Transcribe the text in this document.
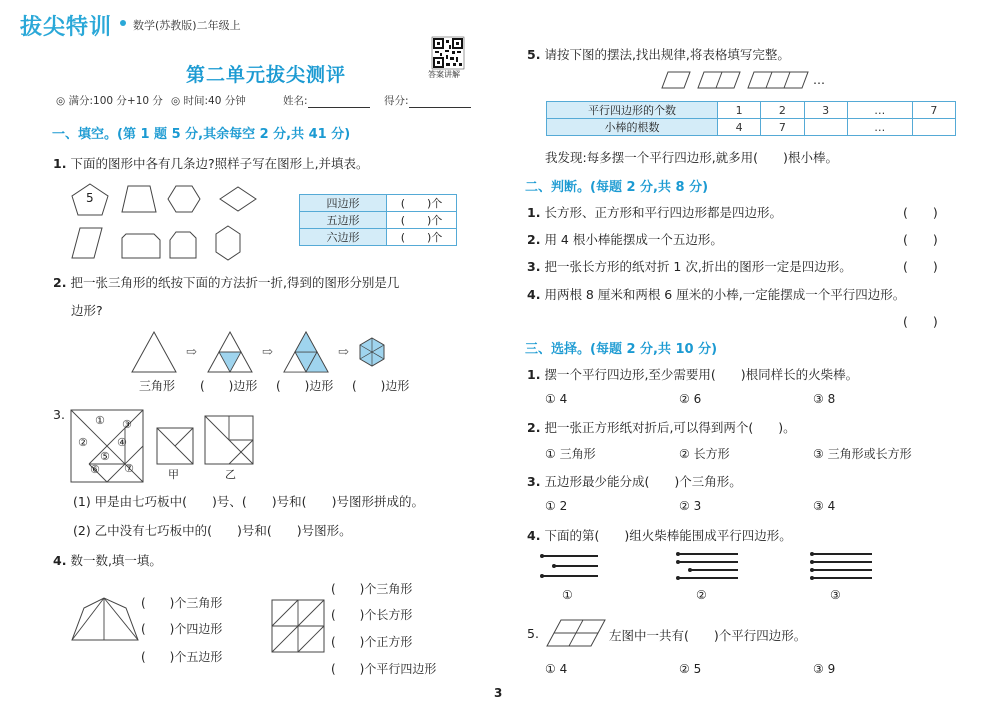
拔尖特训 数学(苏教版)二年级上
答案讲解
第二单元拔尖测评
◎ 满分:100 分+10 分 ◎ 时间:40 分钟	姓名:	得分:
一、填空。(第 1 题 5 分,其余每空 2 分,共 41 分)
1. 下面的图形中各有几条边?照样子写在图形上,并填表。
5	四边形	(　　)个
五边形	(　　)个
六边形	(　　)个
2. 把一张三角形的纸按下面的方法折一折,得到的图形分别是几
边形?
⇨	⇨	⇨
三角形 (　　)边形 (　　)边形 (　　)边形
3.	①
②
③
④
⑤
⑥ ⑦	甲	乙
(1) 甲是由七巧板中(　　)号、(　　)号和(　　)号图形拼成的。
(2) 乙中没有七巧板中的(　　)号和(　　)号图形。
4. 数一数,填一填。
(　　)个三角形
(　　)个四边形
(　　)个五边形
(　　)个三角形
(　　)个长方形
(　　)个正方形
(　　)个平行四边形
5. 请按下图的摆法,找出规律,将表格填写完整。
…
平行四边形的个数	1	2	3	…	7
小棒的根数	4	7		…	
我发现:每多摆一个平行四边形,就多用(　　)根小棒。
二、判断。(每题 2 分,共 8 分)
1. 长方形、正方形和平行四边形都是四边形。	(　　)
2. 用 4 根小棒能摆成一个五边形。	(　　)
3. 把一张长方形的纸对折 1 次,折出的图形一定是四边形。	(　　)
4. 用两根 8 厘米和两根 6 厘米的小棒,一定能摆成一个平行四边形。
(　　)
三、选择。(每题 2 分,共 10 分)
1. 摆一个平行四边形,至少需要用(　　)根同样长的火柴棒。
① 4	② 6	③ 8
2. 把一张正方形纸对折后,可以得到两个(　　)。
① 三角形	② 长方形	③ 三角形或长方形
3. 五边形最少能分成(　　)个三角形。
① 2	② 3	③ 4
4. 下面的第(　　)组火柴棒能围成平行四边形。
①	②	③
5.	左图中一共有(　　)个平行四边形。
① 4	② 5	③ 9
3
